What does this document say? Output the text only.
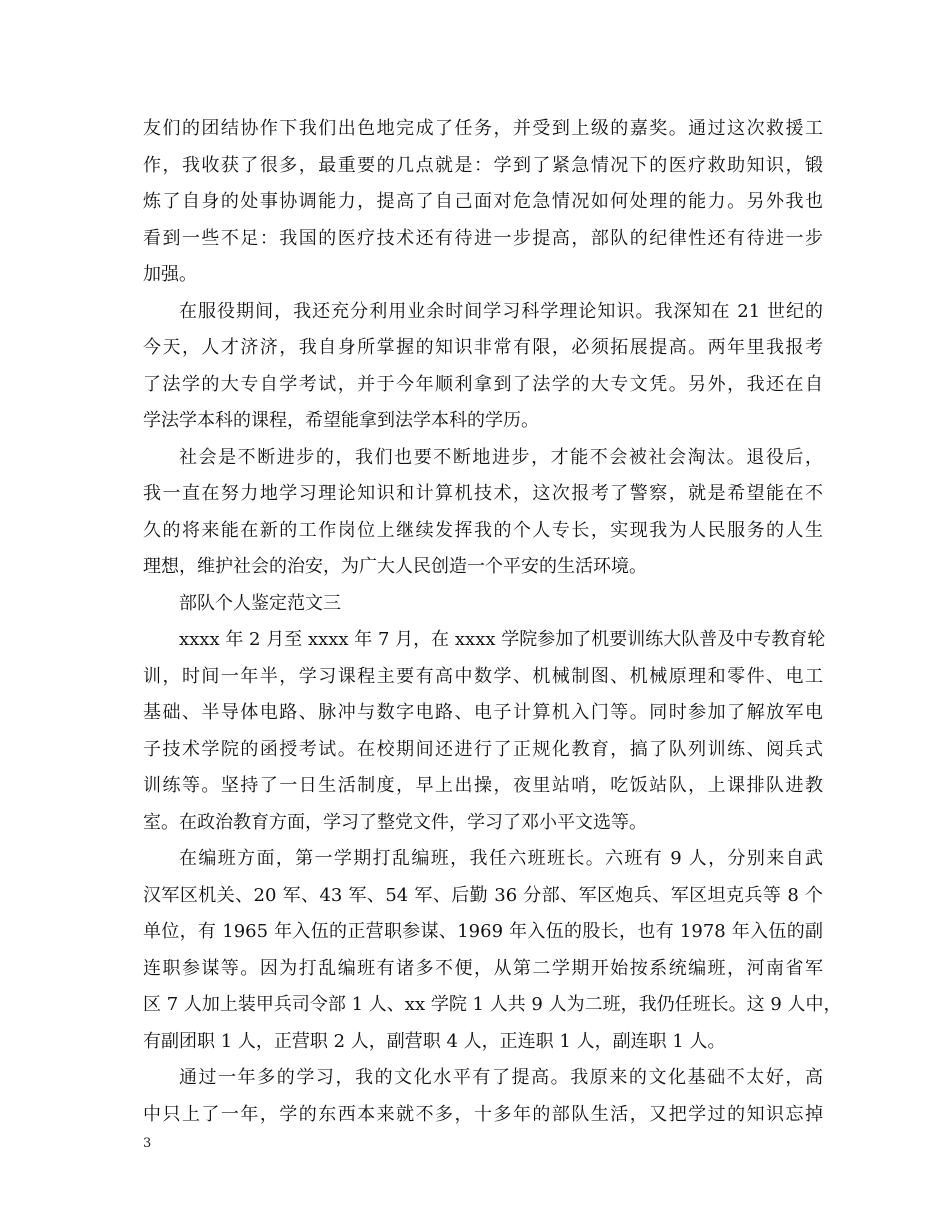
友们的团结协作下我们出色地完成了任务，并受到上级的嘉奖。通过这次救援工
作，我收获了很多，最重要的几点就是：学到了紧急情况下的医疗救助知识，锻
炼了自身的处事协调能力，提高了自己面对危急情况如何处理的能力。另外我也
看到一些不足：我国的医疗技术还有待进一步提高，部队的纪律性还有待进一步
加强。
在服役期间，我还充分利用业余时间学习科学理论知识。我深知在 21 世纪的
今天，人才济济，我自身所掌握的知识非常有限，必须拓展提高。两年里我报考
了法学的大专自学考试，并于今年顺利拿到了法学的大专文凭。另外，我还在自
学法学本科的课程，希望能拿到法学本科的学历。
社会是不断进步的，我们也要不断地进步，才能不会被社会淘汰。退役后，
我一直在努力地学习理论知识和计算机技术，这次报考了警察，就是希望能在不
久的将来能在新的工作岗位上继续发挥我的个人专长，实现我为人民服务的人生
理想，维护社会的治安，为广大人民创造一个平安的生活环境。
部队个人鉴定范文三
xxxx 年 2 月至 xxxx 年 7 月，在 xxxx 学院参加了机要训练大队普及中专教育轮
训，时间一年半，学习课程主要有高中数学、机械制图、机械原理和零件、电工
基础、半导体电路、脉冲与数字电路、电子计算机入门等。同时参加了解放军电
子技术学院的函授考试。在校期间还进行了正规化教育，搞了队列训练、阅兵式
训练等。坚持了一日生活制度，早上出操，夜里站哨，吃饭站队，上课排队进教
室。在政治教育方面，学习了整党文件，学习了邓小平文选等。
在编班方面，第一学期打乱编班，我任六班班长。六班有 9 人，分别来自武
汉军区机关、20 军、43 军、54 军、后勤 36 分部、军区炮兵、军区坦克兵等 8 个
单位，有 1965 年入伍的正营职参谋、1969 年入伍的股长，也有 1978 年入伍的副
连职参谋等。因为打乱编班有诸多不便，从第二学期开始按系统编班，河南省军
区 7 人加上装甲兵司令部 1 人、xx 学院 1 人共 9 人为二班，我仍任班长。这 9 人中，
有副团职 1 人，正营职 2 人，副营职 4 人，正连职 1 人，副连职 1 人。
通过一年多的学习，我的文化水平有了提高。我原来的文化基础不太好，高
中只上了一年，学的东西本来就不多，十多年的部队生活，又把学过的知识忘掉
3
